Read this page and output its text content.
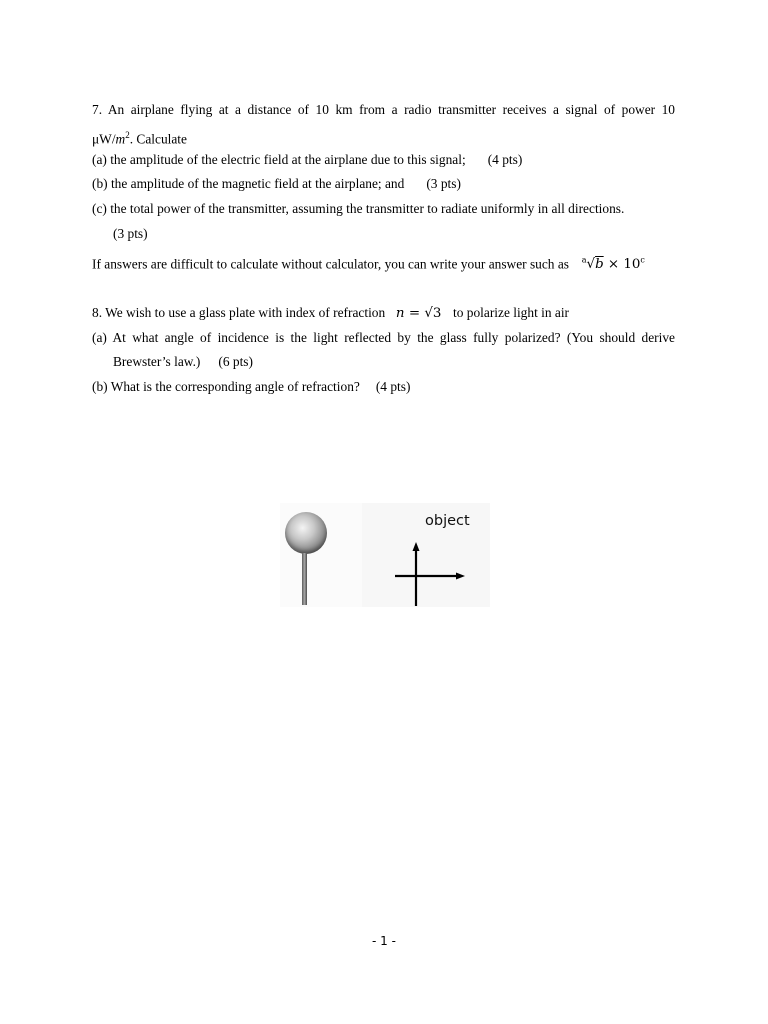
7. An airplane flying at a distance of 10 km from a radio transmitter receives a signal of power 10
$\mu W/m^2$. Calculate
(a) the amplitude of the electric field at the airplane due to this signal; (4 pts)
(b) the amplitude of the magnetic field at the airplane; and (3 pts)
(c) the total power of the transmitter, assuming the transmitter to radiate uniformly in all directions.
(3 pts)
If answers are difficult to calculate without calculator, you can write your answer such as $^a√b \times 10^c$
8. We wish to use a glass plate with index of refraction n = √3 to polarize light in air
(a) At what angle of incidence is the light reflected by the glass fully polarized? (You should derive
Brewster’s law.) (6 pts)
(b) What is the corresponding angle of refraction? (4 pts)
object
- 1 -
